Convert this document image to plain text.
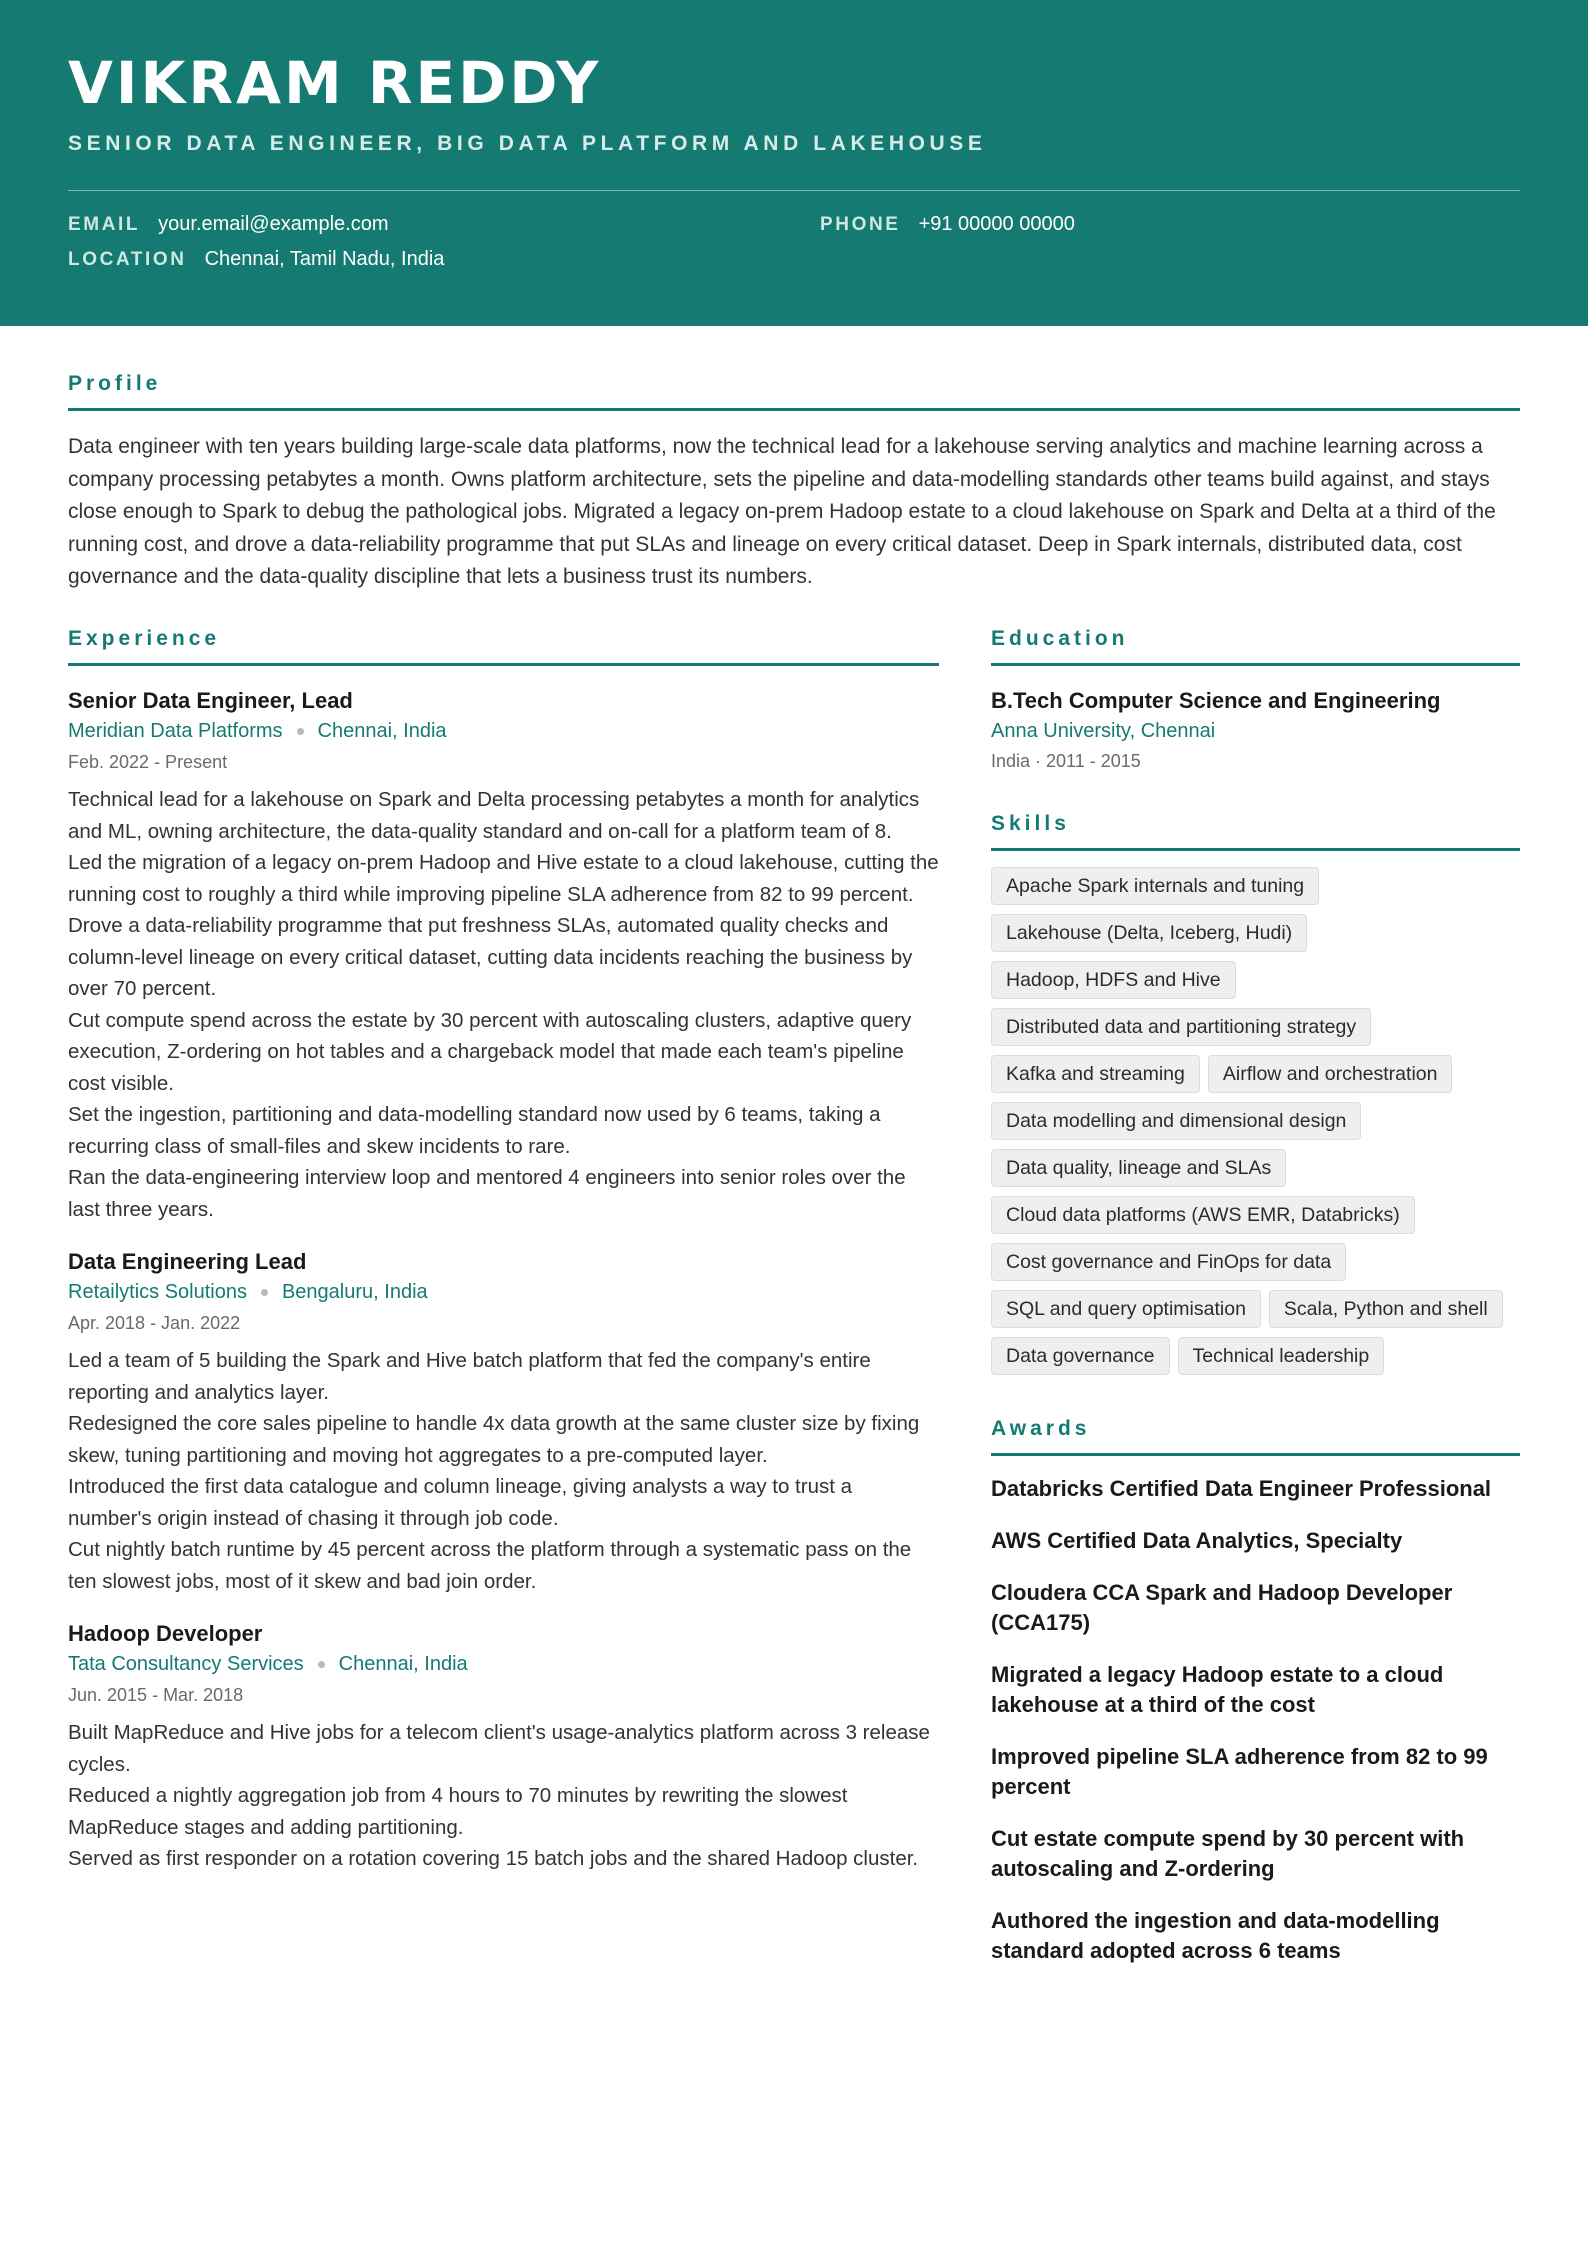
VIKRAM REDDY
SENIOR DATA ENGINEER, BIG DATA PLATFORM AND LAKEHOUSE
EMAIL your.email@example.com	PHONE +91 00000 00000
LOCATION Chennai, Tamil Nadu, India
Profile
Data engineer with ten years building large-scale data platforms, now the technical lead for a lakehouse serving analytics and machine learning across a company processing petabytes a month. Owns platform architecture, sets the pipeline and data-modelling standards other teams build against, and stays close enough to Spark to debug the pathological jobs. Migrated a legacy on-prem Hadoop estate to a cloud lakehouse on Spark and Delta at a third of the running cost, and drove a data-reliability programme that put SLAs and lineage on every critical dataset. Deep in Spark internals, distributed data, cost governance and the data-quality discipline that lets a business trust its numbers.
Experience
Senior Data Engineer, Lead
Meridian Data Platforms Chennai, India
Feb. 2022 - Present
Technical lead for a lakehouse on Spark and Delta processing petabytes a month for analytics and ML, owning architecture, the data-quality standard and on-call for a platform team of 8.
Led the migration of a legacy on-prem Hadoop and Hive estate to a cloud lakehouse, cutting the running cost to roughly a third while improving pipeline SLA adherence from 82 to 99 percent.
Drove a data-reliability programme that put freshness SLAs, automated quality checks and column-level lineage on every critical dataset, cutting data incidents reaching the business by over 70 percent.
Cut compute spend across the estate by 30 percent with autoscaling clusters, adaptive query execution, Z-ordering on hot tables and a chargeback model that made each team's pipeline cost visible.
Set the ingestion, partitioning and data-modelling standard now used by 6 teams, taking a recurring class of small-files and skew incidents to rare.
Ran the data-engineering interview loop and mentored 4 engineers into senior roles over the last three years.
Data Engineering Lead
Retailytics Solutions Bengaluru, India
Apr. 2018 - Jan. 2022
Led a team of 5 building the Spark and Hive batch platform that fed the company's entire reporting and analytics layer.
Redesigned the core sales pipeline to handle 4x data growth at the same cluster size by fixing skew, tuning partitioning and moving hot aggregates to a pre-computed layer.
Introduced the first data catalogue and column lineage, giving analysts a way to trust a number's origin instead of chasing it through job code.
Cut nightly batch runtime by 45 percent across the platform through a systematic pass on the ten slowest jobs, most of it skew and bad join order.
Hadoop Developer
Tata Consultancy Services Chennai, India
Jun. 2015 - Mar. 2018
Built MapReduce and Hive jobs for a telecom client's usage-analytics platform across 3 release cycles.
Reduced a nightly aggregation job from 4 hours to 70 minutes by rewriting the slowest MapReduce stages and adding partitioning.
Served as first responder on a rotation covering 15 batch jobs and the shared Hadoop cluster.
Education
B.Tech Computer Science and Engineering
Anna University, Chennai
India · 2011 - 2015
Skills
Apache Spark internals and tuning
Lakehouse (Delta, Iceberg, Hudi)
Hadoop, HDFS and Hive
Distributed data and partitioning strategy
Kafka and streaming	Airflow and orchestration
Data modelling and dimensional design
Data quality, lineage and SLAs
Cloud data platforms (AWS EMR, Databricks)
Cost governance and FinOps for data
SQL and query optimisation	Scala, Python and shell
Data governance	Technical leadership
Awards
Databricks Certified Data Engineer Professional
AWS Certified Data Analytics, Specialty
Cloudera CCA Spark and Hadoop Developer (CCA175)
Migrated a legacy Hadoop estate to a cloud lakehouse at a third of the cost
Improved pipeline SLA adherence from 82 to 99 percent
Cut estate compute spend by 30 percent with autoscaling and Z-ordering
Authored the ingestion and data-modelling standard adopted across 6 teams
